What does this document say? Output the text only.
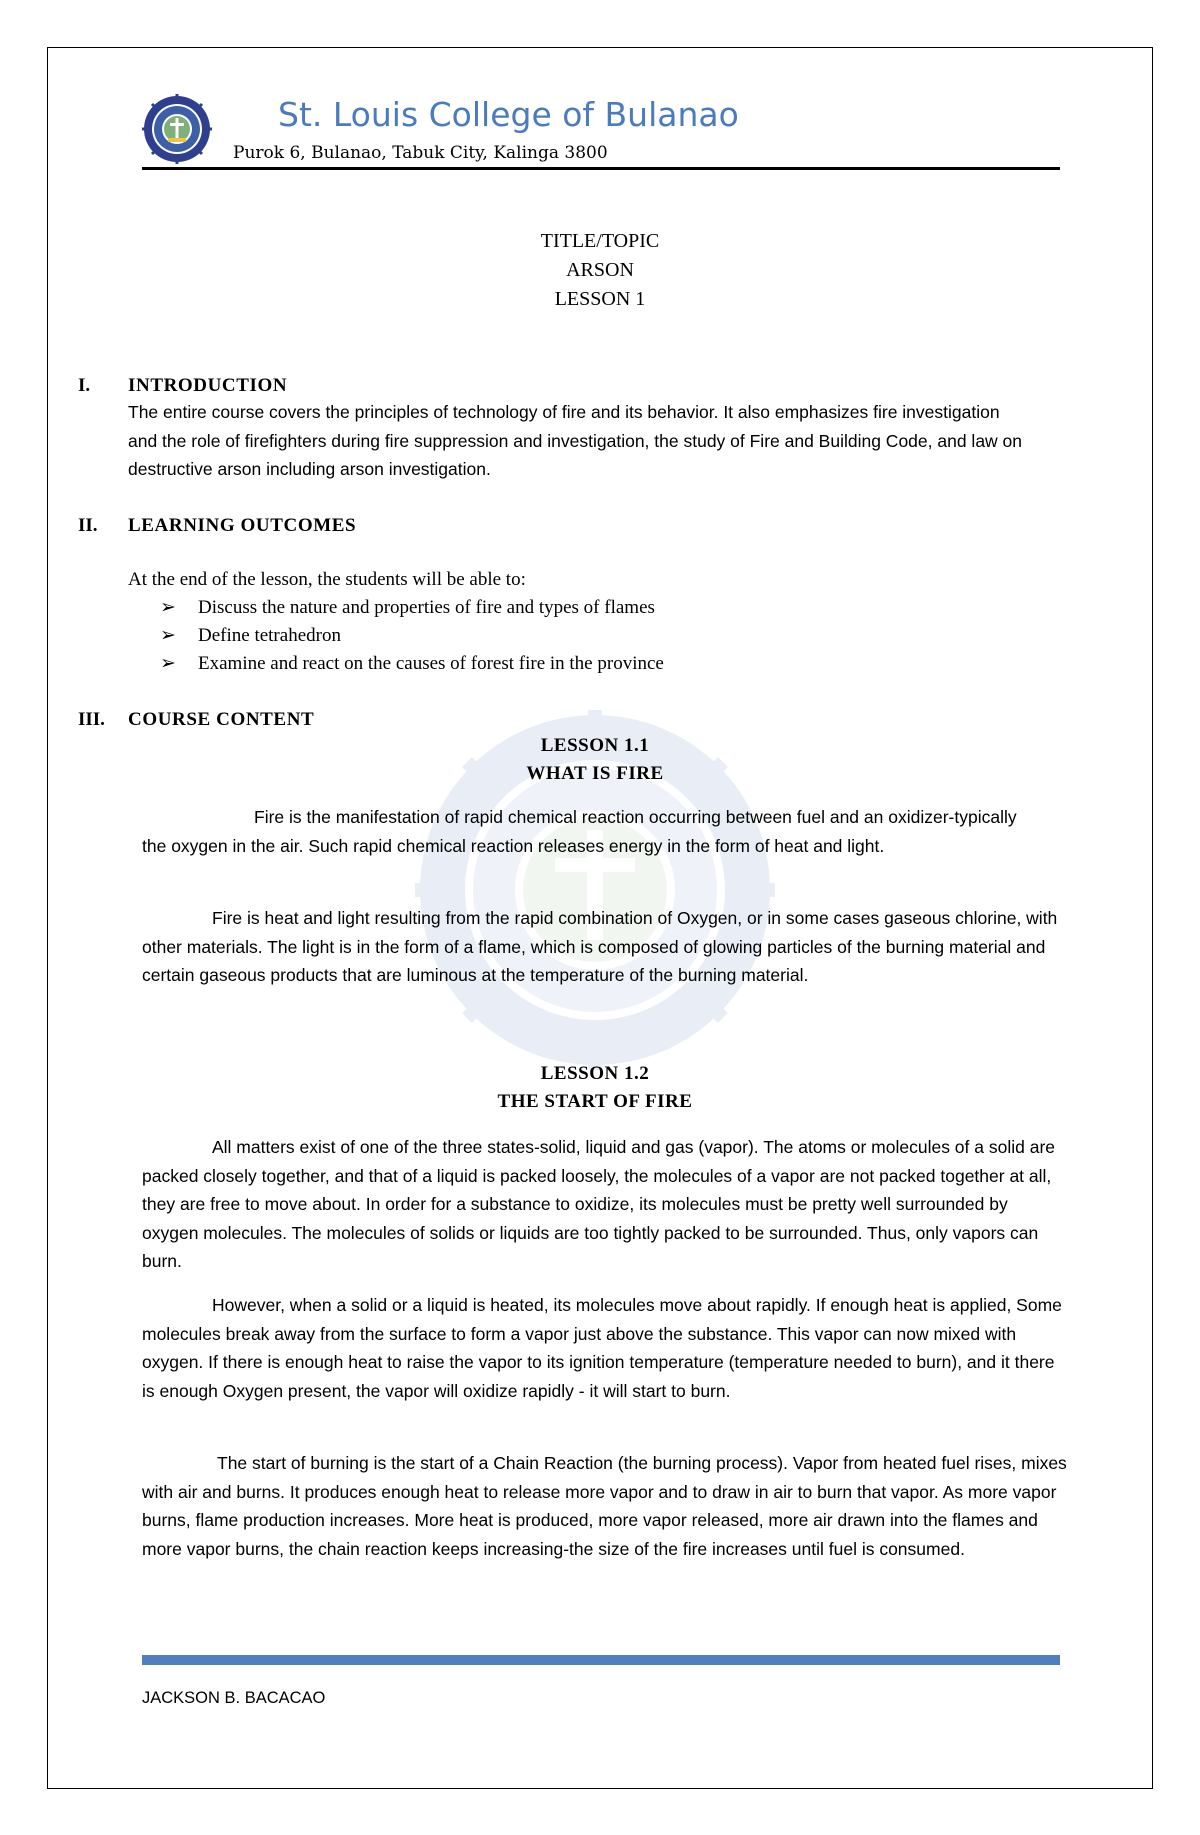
St. Louis College of Bulanao
Purok 6, Bulanao, Tabuk City, Kalinga 3800
TITLE/TOPIC
ARSON
LESSON 1
I. INTRODUCTION

The entire course covers the principles of technology of fire and its behavior. It also emphasizes fire investigation and the role of firefighters during fire suppression and investigation, the study of Fire and Building Code, and law on destructive arson including arson investigation.

II. LEARNING OUTCOMES
At the end of the lesson, the students will be able to:
➢ Discuss the nature and properties of fire and types of flames
➢ Define tetrahedron
➢ Examine and react on the causes of forest fire in the province
III. COURSE CONTENT
LESSON 1.1
WHAT IS FIRE

Fire is the manifestation of rapid chemical reaction occurring between fuel and an oxidizer-typically the oxygen in the air. Such rapid chemical reaction releases energy in the form of heat and light.

Fire is heat and light resulting from the rapid combination of Oxygen, or in some cases gaseous chlorine, with other materials. The light is in the form of a flame, which is composed of glowing particles of the burning material and certain gaseous products that are luminous at the temperature of the burning material.

LESSON 1.2
THE START OF FIRE

All matters exist of one of the three states-solid, liquid and gas (vapor). The atoms or molecules of a solid are packed closely together, and that of a liquid is packed loosely, the molecules of a vapor are not packed together at all, they are free to move about. In order for a substance to oxidize, its molecules must be pretty well surrounded by oxygen molecules. The molecules of solids or liquids are too tightly packed to be surrounded. Thus, only vapors can burn.

However, when a solid or a liquid is heated, its molecules move about rapidly. If enough heat is applied, Some molecules break away from the surface to form a vapor just above the substance. This vapor can now mixed with oxygen. If there is enough heat to raise the vapor to its ignition temperature (temperature needed to burn), and it there is enough Oxygen present, the vapor will oxidize rapidly - it will start to burn.

The start of burning is the start of a Chain Reaction (the burning process). Vapor from heated fuel rises, mixes with air and burns. It produces enough heat to release more vapor and to draw in air to burn that vapor. As more vapor burns, flame production increases. More heat is produced, more vapor released, more air drawn into the flames and more vapor burns, the chain reaction keeps increasing-the size of the fire increases until fuel is consumed.

JACKSON B. BACACAO
